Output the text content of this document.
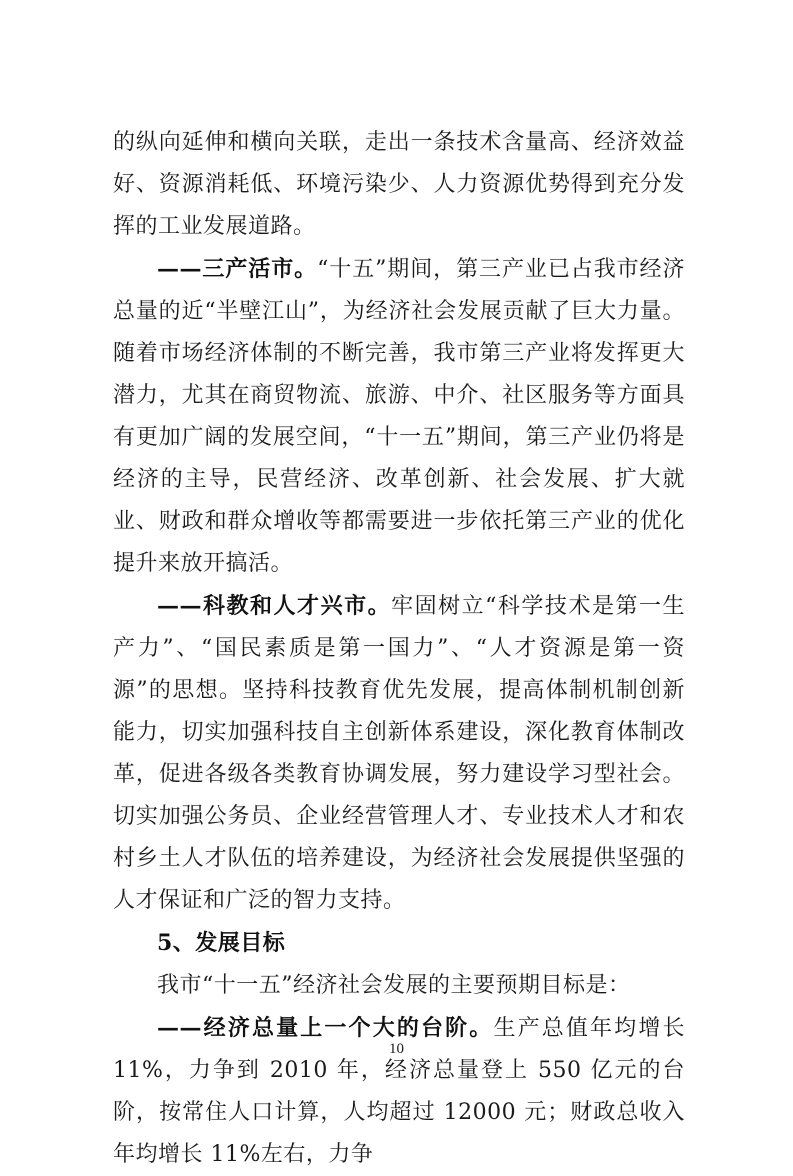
的纵向延伸和横向关联，走出一条技术含量高、经济效益好、资源消耗低、环境污染少、人力资源优势得到充分发挥的工业发展道路。

——三产活市。“十五”期间，第三产业已占我市经济总量的近“半壁江山”，为经济社会发展贡献了巨大力量。随着市场经济体制的不断完善，我市第三产业将发挥更大潜力，尤其在商贸物流、旅游、中介、社区服务等方面具有更加广阔的发展空间，“十一五”期间，第三产业仍将是经济的主导，民营经济、改革创新、社会发展、扩大就业、财政和群众增收等都需要进一步依托第三产业的优化提升来放开搞活。

——科教和人才兴市。牢固树立“科学技术是第一生产力”、“国民素质是第一国力”、“人才资源是第一资源”的思想。坚持科技教育优先发展，提高体制机制创新能力，切实加强科技自主创新体系建设，深化教育体制改革，促进各级各类教育协调发展，努力建设学习型社会。切实加强公务员、企业经营管理人才、专业技术人才和农村乡土人才队伍的培养建设，为经济社会发展提供坚强的人才保证和广泛的智力支持。

5、发展目标

我市“十一五”经济社会发展的主要预期目标是：

——经济总量上一个大的台阶。生产总值年均增长 11%，力争到 2010 年，经济总量登上 550 亿元的台阶，按常住人口计算，人均超过 12000 元；财政总收入年均增长 11%左右，力争

10
